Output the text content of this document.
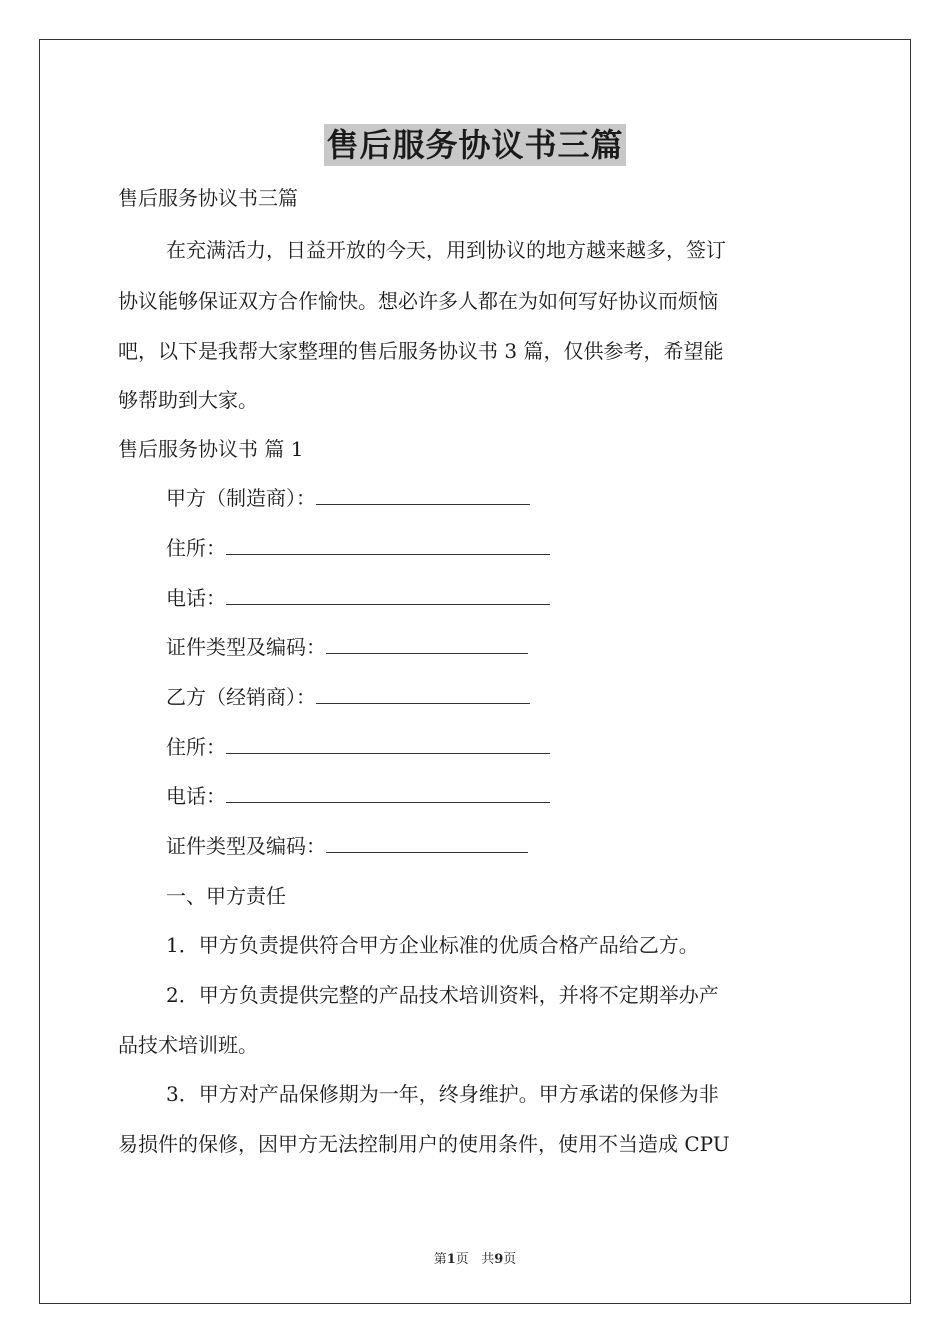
售后服务协议书三篇
售后服务协议书三篇
在充满活力，日益开放的今天，用到协议的地方越来越多，签订
协议能够保证双方合作愉快。想必许多人都在为如何写好协议而烦恼
吧，以下是我帮大家整理的售后服务协议书 3 篇，仅供参考，希望能
够帮助到大家。
售后服务协议书 篇 1
甲方（制造商）：
住所：
电话：
证件类型及编码：
乙方（经销商）：
住所：
电话：
证件类型及编码：
一、甲方责任
1．甲方负责提供符合甲方企业标准的优质合格产品给乙方。
2．甲方负责提供完整的产品技术培训资料，并将不定期举办产
品技术培训班。
3．甲方对产品保修期为一年，终身维护。甲方承诺的保修为非
易损件的保修，因甲方无法控制用户的使用条件，使用不当造成 CPU
第1页 共9页
